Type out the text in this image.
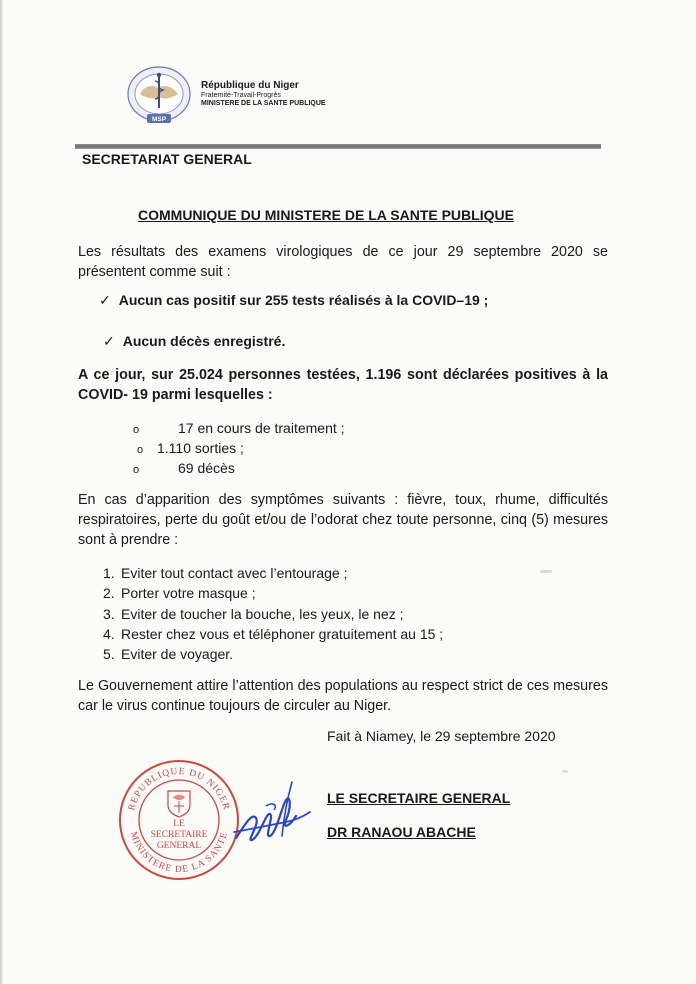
MSP
République du Niger
Fraternité-Travail-Progrès
MINISTERE DE LA SANTE PUBLIQUE
SECRETARIAT GENERAL
COMMUNIQUE DU MINISTERE DE LA SANTE PUBLIQUE
Les résultats des examens virologiques de ce jour 29 septembre 2020 se présentent comme suit :
✓ Aucun cas positif sur 255 tests réalisés à la COVID–19 ;
✓ Aucun décès enregistré.
A ce jour, sur 25.024 personnes testées, 1.196 sont déclarées positives à la COVID- 19 parmi lesquelles :
o	17 en cours de traitement ;
o 1.110 sorties ;
o	69 décès
En cas d’apparition des symptômes suivants : fièvre, toux, rhume, difficultés respiratoires, perte du goût et/ou de l’odorat chez toute personne, cinq (5) mesures sont à prendre :
1. Eviter tout contact avec l’entourage ;
2. Porter votre masque ;
3. Eviter de toucher la bouche, les yeux, le nez ;
4. Rester chez vous et téléphoner gratuitement au 15 ;
5. Eviter de voyager.
Le Gouvernement attire l’attention des populations au respect strict de ces mesures car le virus continue toujours de circuler au Niger.
Fait à Niamey, le 29 septembre 2020
REPUBLIQUE DU NIGER
MINISTERE DE LA SANTE
LE SECRETAIRE GENERAL
LE SECRETAIRE GENERAL
DR RANAOU ABACHE
